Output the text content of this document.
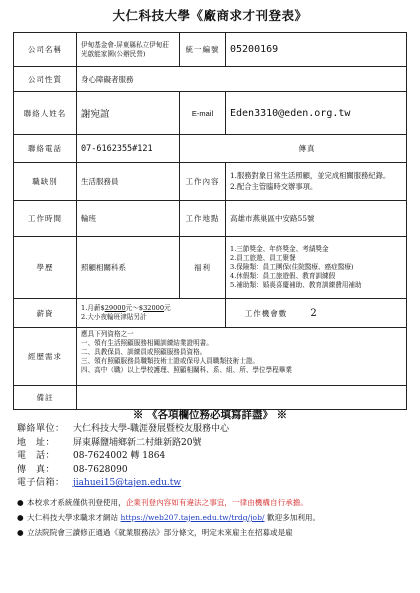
大仁科技大學《廠商求才刊登表》
公司名稱	伊甸基金會-屏東縣私立伊甸莊光啟能家園(公辦民營)	統一編號	05200169
公司性質	身心障礙者服務		
聯絡人姓名	謝宛誼	E-mail	Eden3310@eden.org.tw
聯絡電話	07-6162355#121	傳真	
職缺別	生活服務員	工作內容	1.服務對象日常生活照顧，並完成相關服務紀錄。
2.配合主管臨時交辦事項。

工作時間	輪班	工作地點	高雄市燕巢區中安路55號
學歷	照顧相關科系	福利	1.三節獎金、年終獎金、考績獎金
2.員工旅遊、員工聚餐
3.保險類：員工團保(住院醫療、癌症醫療)
4.休假類：員工旅遊假、教育訓練假
5.補助類：婚喪喜慶補助、教育訓練費用補助

薪資	1.月薪$29000元～$32000元
2.大小夜輪班津貼另計		工作機會數 2
經歷需求	應具下列資格之一
一、領有生活照顧服務相關訓練結業證明書。
二、具教保員、訓練員或照顧服務員資格。
三、領有照顧服務員職類技術士證或保母人員職類技術士證。
四、高中（職）以上學校護理、照顧相關科、系、組、所、學位學程畢業		

備註			
※ 《各項欄位務必填寫詳盡》 ※
聯絡單位： 大仁科技大學-職涯發展暨校友服務中心
地　址： 屏東縣鹽埔鄉新二村維新路20號
電　話： 08-7624002 轉 1864
傳　真： 08-7628090
電子信箱： jiahuei15@tajen.edu.tw
● 本校求才系統僅供刊登使用，企業刊登內容如有違法之事宜，一律由機構自行承擔。
● 大仁科技大學求職求才網站 https://web207.tajen.edu.tw/trdg/job/ 歡迎多加利用。
● 立法院院會三讀修正通過《就業服務法》部分條文，明定未來雇主在招募或是雇
